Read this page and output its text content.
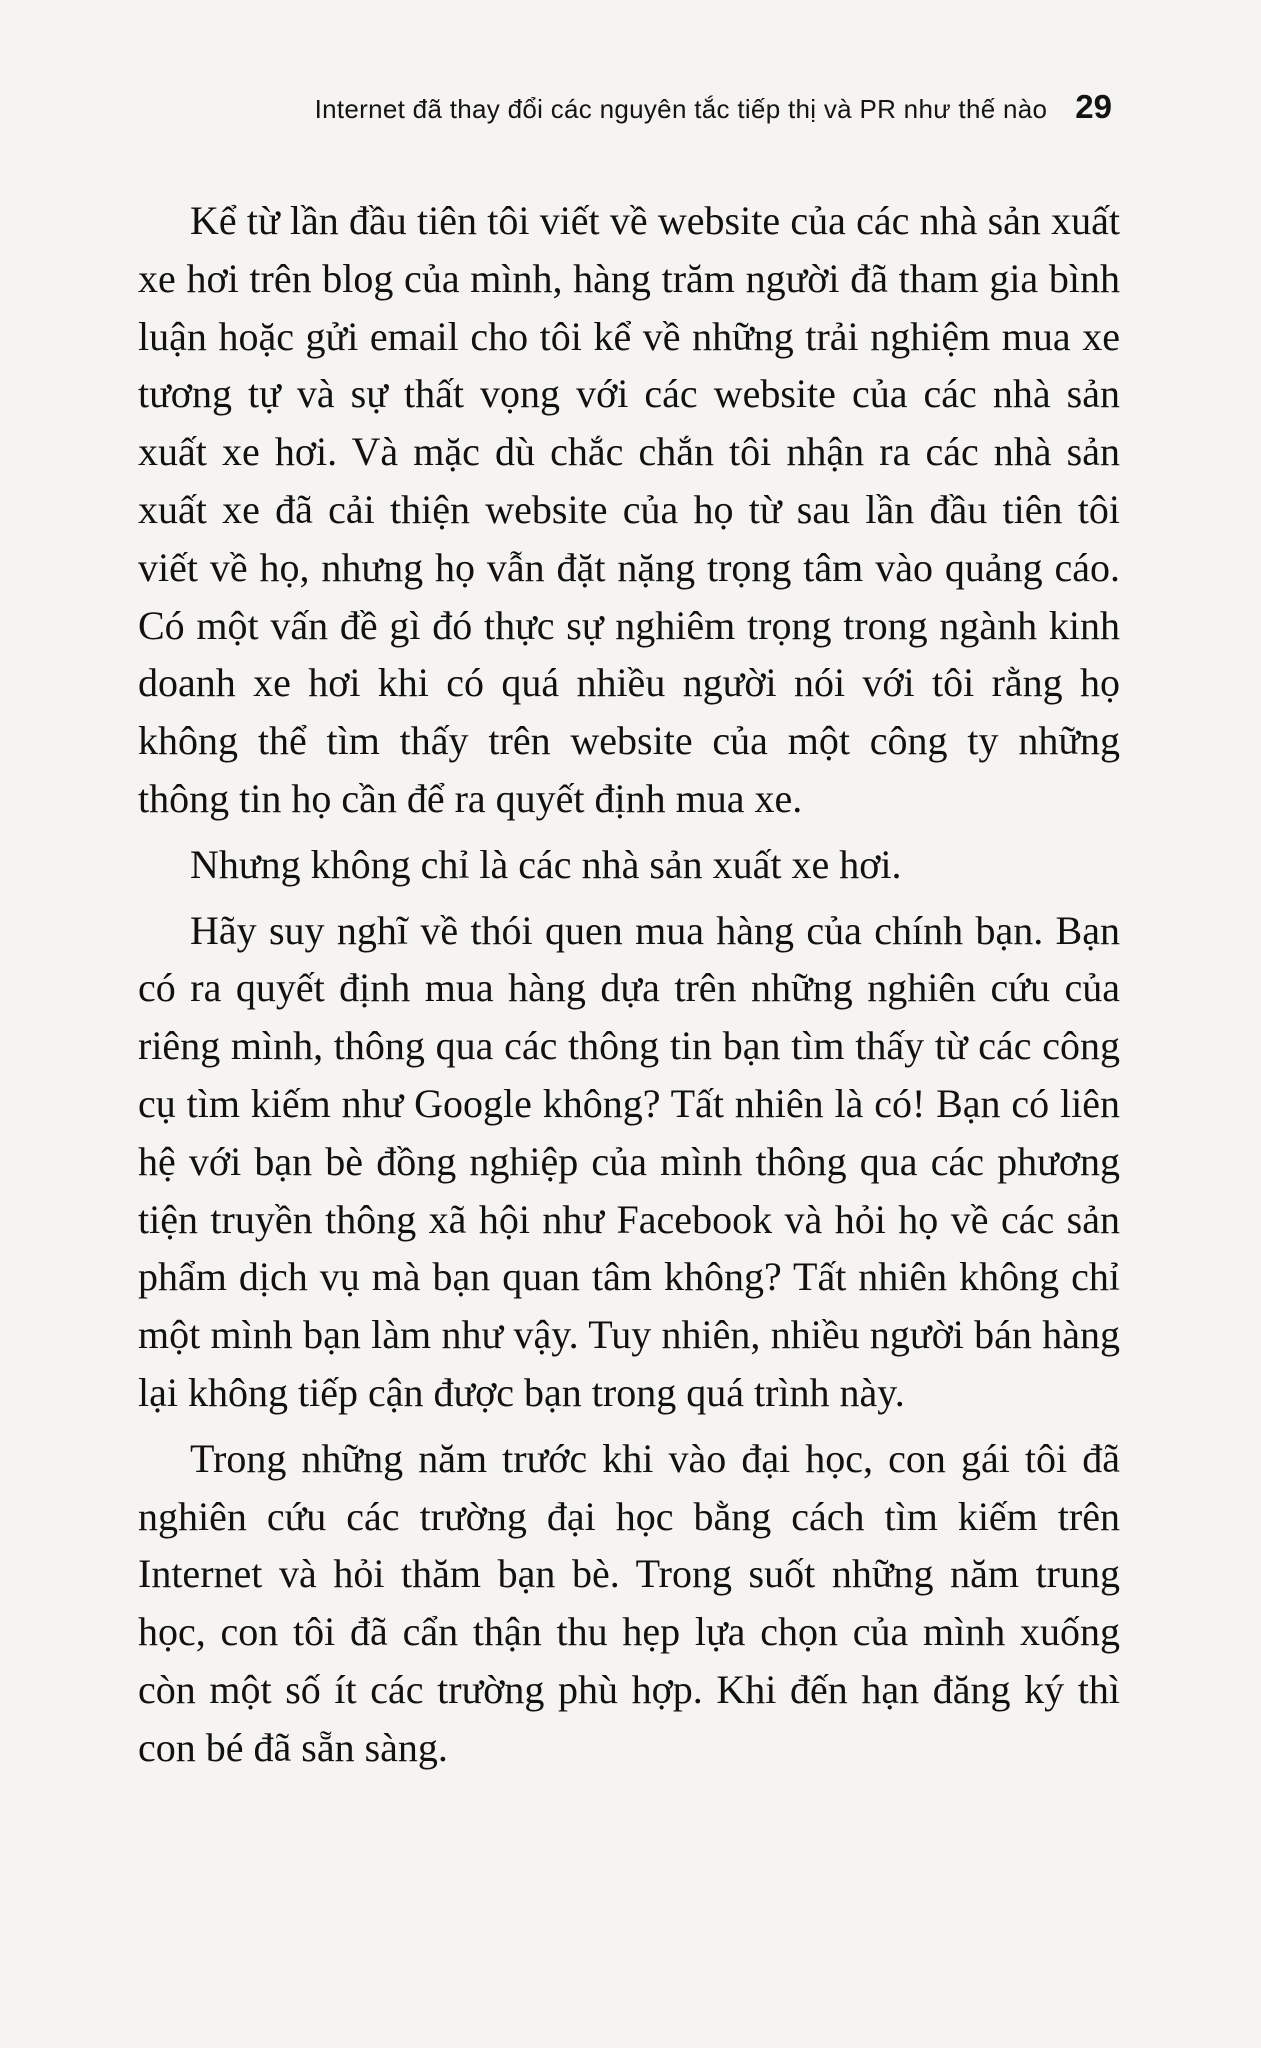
Internet đã thay đổi các nguyên tắc tiếp thị và PR như thế nào 29

Kể từ lần đầu tiên tôi viết về website của các nhà sản xuất xe hơi trên blog của mình, hàng trăm người đã tham gia bình luận hoặc gửi email cho tôi kể về những trải nghiệm mua xe tương tự và sự thất vọng với các website của các nhà sản xuất xe hơi. Và mặc dù chắc chắn tôi nhận ra các nhà sản xuất xe đã cải thiện website của họ từ sau lần đầu tiên tôi viết về họ, nhưng họ vẫn đặt nặng trọng tâm vào quảng cáo. Có một vấn đề gì đó thực sự nghiêm trọng trong ngành kinh doanh xe hơi khi có quá nhiều người nói với tôi rằng họ không thể tìm thấy trên website của một công ty những thông tin họ cần để ra quyết định mua xe.

Nhưng không chỉ là các nhà sản xuất xe hơi.

Hãy suy nghĩ về thói quen mua hàng của chính bạn. Bạn có ra quyết định mua hàng dựa trên những nghiên cứu của riêng mình, thông qua các thông tin bạn tìm thấy từ các công cụ tìm kiếm như Google không? Tất nhiên là có! Bạn có liên hệ với bạn bè đồng nghiệp của mình thông qua các phương tiện truyền thông xã hội như Facebook và hỏi họ về các sản phẩm dịch vụ mà bạn quan tâm không? Tất nhiên không chỉ một mình bạn làm như vậy. Tuy nhiên, nhiều người bán hàng lại không tiếp cận được bạn trong quá trình này.

Trong những năm trước khi vào đại học, con gái tôi đã nghiên cứu các trường đại học bằng cách tìm kiếm trên Internet và hỏi thăm bạn bè. Trong suốt những năm trung học, con tôi đã cẩn thận thu hẹp lựa chọn của mình xuống còn một số ít các trường phù hợp. Khi đến hạn đăng ký thì con bé đã sẵn sàng.
